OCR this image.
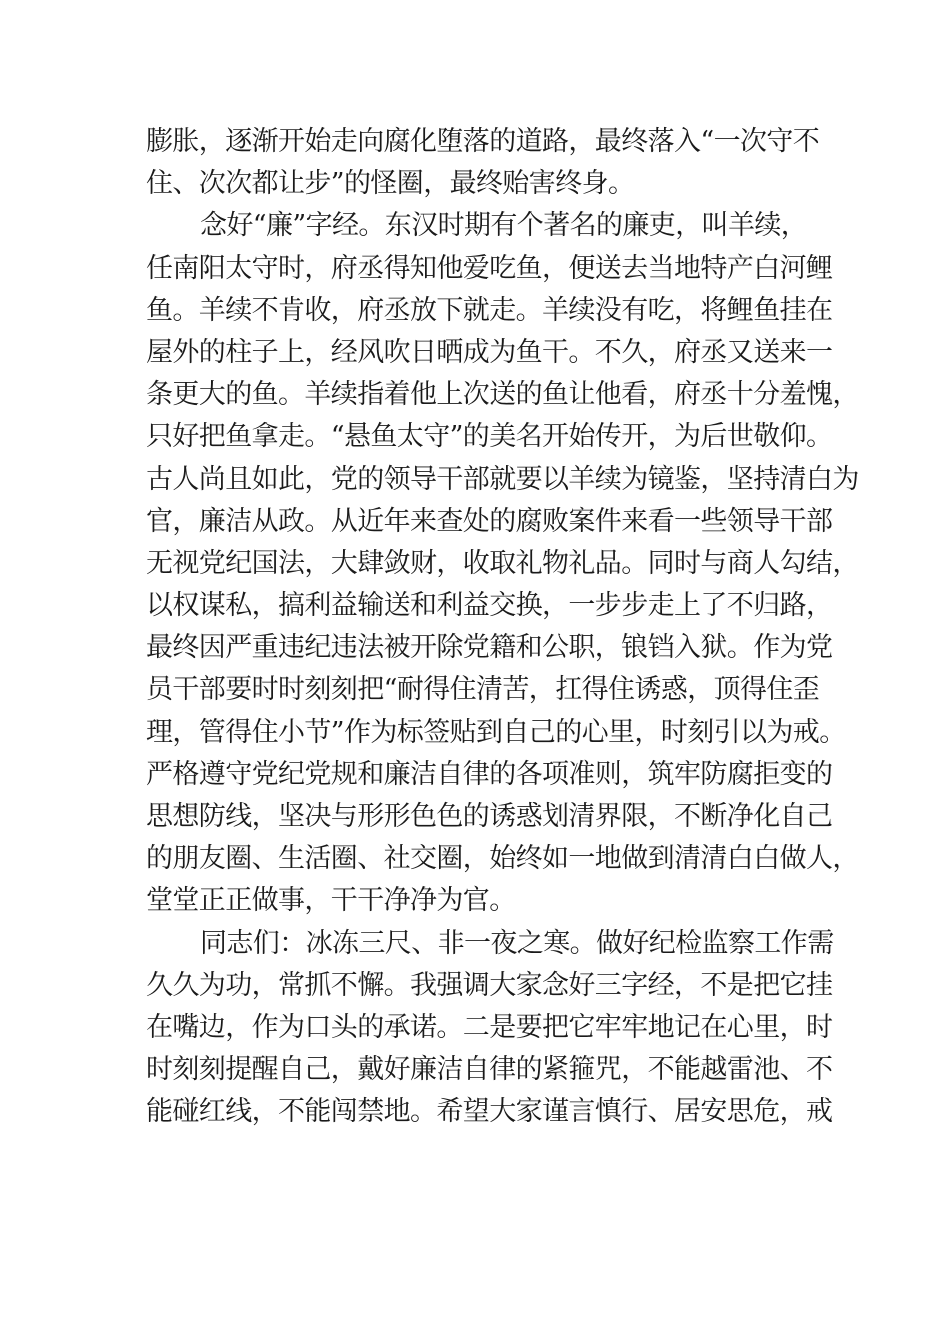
膨胀，逐渐开始走向腐化堕落的道路，最终落入“一次守不
住、次次都让步”的怪圈，最终贻害终身。
念好“廉”字经。东汉时期有个著名的廉吏，叫羊续，
任南阳太守时，府丞得知他爱吃鱼，便送去当地特产白河鲤
鱼。羊续不肯收，府丞放下就走。羊续没有吃，将鲤鱼挂在
屋外的柱子上，经风吹日晒成为鱼干。不久，府丞又送来一
条更大的鱼。羊续指着他上次送的鱼让他看，府丞十分羞愧，
只好把鱼拿走。“悬鱼太守”的美名开始传开，为后世敬仰。
古人尚且如此，党的领导干部就要以羊续为镜鉴，坚持清白为
官，廉洁从政。从近年来查处的腐败案件来看一些领导干部
无视党纪国法，大肆敛财，收取礼物礼品。同时与商人勾结，
以权谋私，搞利益输送和利益交换，一步步走上了不归路，
最终因严重违纪违法被开除党籍和公职，锒铛入狱。作为党
员干部要时时刻刻把“耐得住清苦，扛得住诱惑，顶得住歪
理，管得住小节”作为标签贴到自己的心里，时刻引以为戒。
严格遵守党纪党规和廉洁自律的各项准则，筑牢防腐拒变的
思想防线，坚决与形形色色的诱惑划清界限，不断净化自己
的朋友圈、生活圈、社交圈，始终如一地做到清清白白做人，
堂堂正正做事，干干净净为官。
同志们：冰冻三尺、非一夜之寒。做好纪检监察工作需
久久为功，常抓不懈。我强调大家念好三字经，不是把它挂
在嘴边，作为口头的承诺。二是要把它牢牢地记在心里，时
时刻刻提醒自己，戴好廉洁自律的紧箍咒，不能越雷池、不
能碰红线，不能闯禁地。希望大家谨言慎行、居安思危，戒
